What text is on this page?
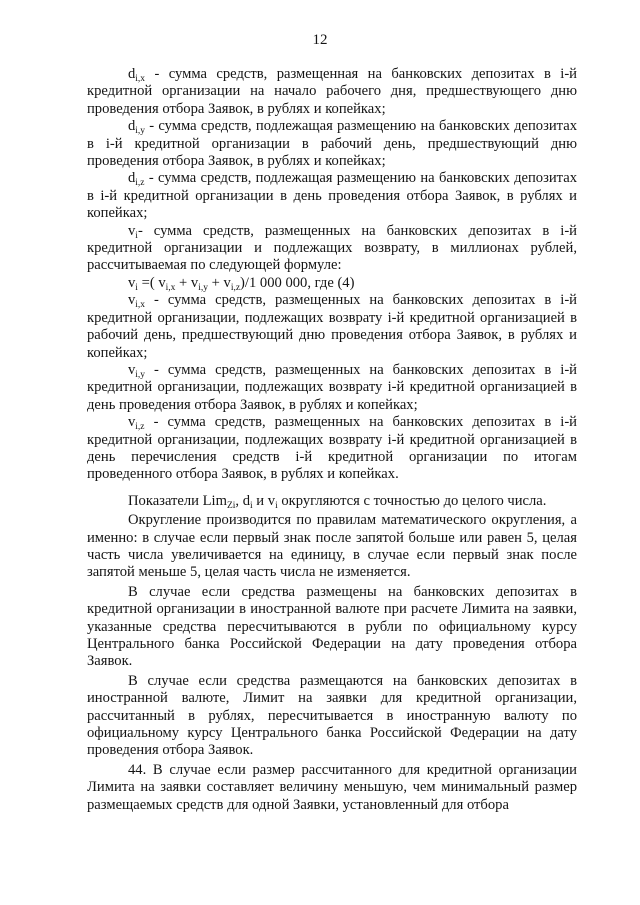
12

$d_{i,x}$ - сумма средств, размещенная на банковских депозитах в i-й кредитной организации на начало рабочего дня, предшествующего дню проведения отбора Заявок, в рублях и копейках;

$d_{i,y}$ - сумма средств, подлежащая размещению на банковских депозитах в i-й кредитной организации в рабочий день, предшествующий дню проведения отбора Заявок, в рублях и копейках;

$d_{i,z}$ - сумма средств, подлежащая размещению на банковских депозитах в i-й кредитной организации в день проведения отбора Заявок, в рублях и копейках;

$v_i-$ сумма средств, размещенных на банковских депозитах в i-й кредитной организации и подлежащих возврату, в миллионах рублей, рассчитываемая по следующей формуле:

$v_i$ =( $v_{i,x} + v_{i,y} + v_{i,z})/1$ 000 000, где (4)

$v_{i,x}$ - сумма средств, размещенных на банковских депозитах в i-й кредитной организации, подлежащих возврату i-й кредитной организацией в рабочий день, предшествующий дню проведения отбора Заявок, в рублях и копейках;

$v_{i,y}$ - сумма средств, размещенных на банковских депозитах в i-й кредитной организации, подлежащих возврату i-й кредитной организацией в день проведения отбора Заявок, в рублях и копейках;

$v_{i,z}$ - сумма средств, размещенных на банковских депозитах в i-й кредитной организации, подлежащих возврату i-й кредитной организацией в день перечисления средств i-й кредитной организации по итогам проведенного отбора Заявок, в рублях и копейках.

Показатели Lim$_{Zi}$, $d_i$ и $v_i$ округляются с точностью до целого числа.

Округление производится по правилам математического округления, а именно: в случае если первый знак после запятой больше или равен 5, целая часть числа увеличивается на единицу, в случае если первый знак после запятой меньше 5, целая часть числа не изменяется.

В случае если средства размещены на банковских депозитах в кредитной организации в иностранной валюте при расчете Лимита на заявки, указанные средства пересчитываются в рубли по официальному курсу Центрального банка Российской Федерации на дату проведения отбора Заявок.

В случае если средства размещаются на банковских депозитах в иностранной валюте, Лимит на заявки для кредитной организации, рассчитанный в рублях, пересчитывается в иностранную валюту по официальному курсу Центрального банка Российской Федерации на дату проведения отбора Заявок.

44. В случае если размер рассчитанного для кредитной организации Лимита на заявки составляет величину меньшую, чем минимальный размер размещаемых средств для одной Заявки, установленный для отбора
